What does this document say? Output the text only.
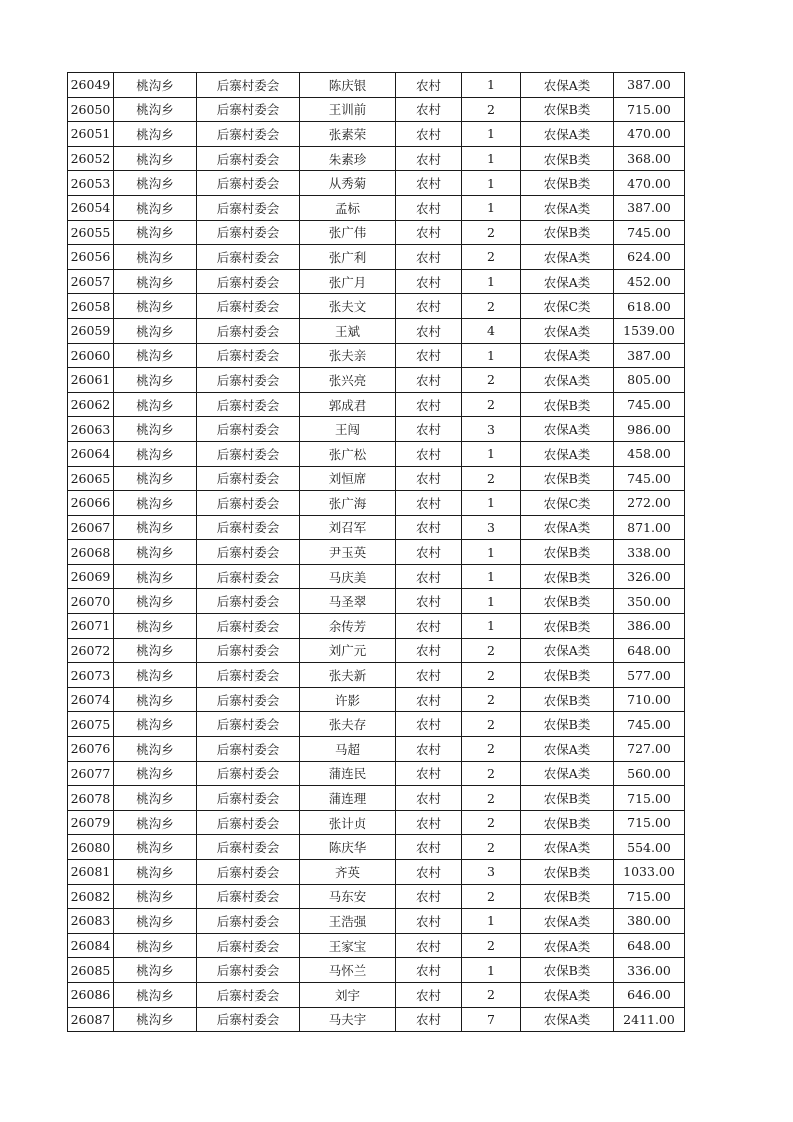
26049	桃沟乡	后寨村委会	陈庆银	农村	1	农保A类	387.00
26050	桃沟乡	后寨村委会	王训前	农村	2	农保B类	715.00
26051	桃沟乡	后寨村委会	张素荣	农村	1	农保A类	470.00
26052	桃沟乡	后寨村委会	朱素珍	农村	1	农保B类	368.00
26053	桃沟乡	后寨村委会	从秀菊	农村	1	农保B类	470.00
26054	桃沟乡	后寨村委会	孟标	农村	1	农保A类	387.00
26055	桃沟乡	后寨村委会	张广伟	农村	2	农保B类	745.00
26056	桃沟乡	后寨村委会	张广利	农村	2	农保A类	624.00
26057	桃沟乡	后寨村委会	张广月	农村	1	农保A类	452.00
26058	桃沟乡	后寨村委会	张夫文	农村	2	农保C类	618.00
26059	桃沟乡	后寨村委会	王斌	农村	4	农保A类	1539.00
26060	桃沟乡	后寨村委会	张夫亲	农村	1	农保A类	387.00
26061	桃沟乡	后寨村委会	张兴亮	农村	2	农保A类	805.00
26062	桃沟乡	后寨村委会	郭成君	农村	2	农保B类	745.00
26063	桃沟乡	后寨村委会	王闯	农村	3	农保A类	986.00
26064	桃沟乡	后寨村委会	张广松	农村	1	农保A类	458.00
26065	桃沟乡	后寨村委会	刘恒席	农村	2	农保B类	745.00
26066	桃沟乡	后寨村委会	张广海	农村	1	农保C类	272.00
26067	桃沟乡	后寨村委会	刘召军	农村	3	农保A类	871.00
26068	桃沟乡	后寨村委会	尹玉英	农村	1	农保B类	338.00
26069	桃沟乡	后寨村委会	马庆美	农村	1	农保B类	326.00
26070	桃沟乡	后寨村委会	马圣翠	农村	1	农保B类	350.00
26071	桃沟乡	后寨村委会	余传芳	农村	1	农保B类	386.00
26072	桃沟乡	后寨村委会	刘广元	农村	2	农保A类	648.00
26073	桃沟乡	后寨村委会	张夫新	农村	2	农保B类	577.00
26074	桃沟乡	后寨村委会	许影	农村	2	农保B类	710.00
26075	桃沟乡	后寨村委会	张夫存	农村	2	农保B类	745.00
26076	桃沟乡	后寨村委会	马超	农村	2	农保A类	727.00
26077	桃沟乡	后寨村委会	蒲连民	农村	2	农保A类	560.00
26078	桃沟乡	后寨村委会	蒲连理	农村	2	农保B类	715.00
26079	桃沟乡	后寨村委会	张计贞	农村	2	农保B类	715.00
26080	桃沟乡	后寨村委会	陈庆华	农村	2	农保A类	554.00
26081	桃沟乡	后寨村委会	齐英	农村	3	农保B类	1033.00
26082	桃沟乡	后寨村委会	马东安	农村	2	农保B类	715.00
26083	桃沟乡	后寨村委会	王浩强	农村	1	农保A类	380.00
26084	桃沟乡	后寨村委会	王家宝	农村	2	农保A类	648.00
26085	桃沟乡	后寨村委会	马怀兰	农村	1	农保B类	336.00
26086	桃沟乡	后寨村委会	刘宇	农村	2	农保A类	646.00
26087	桃沟乡	后寨村委会	马夫宇	农村	7	农保A类	2411.00
